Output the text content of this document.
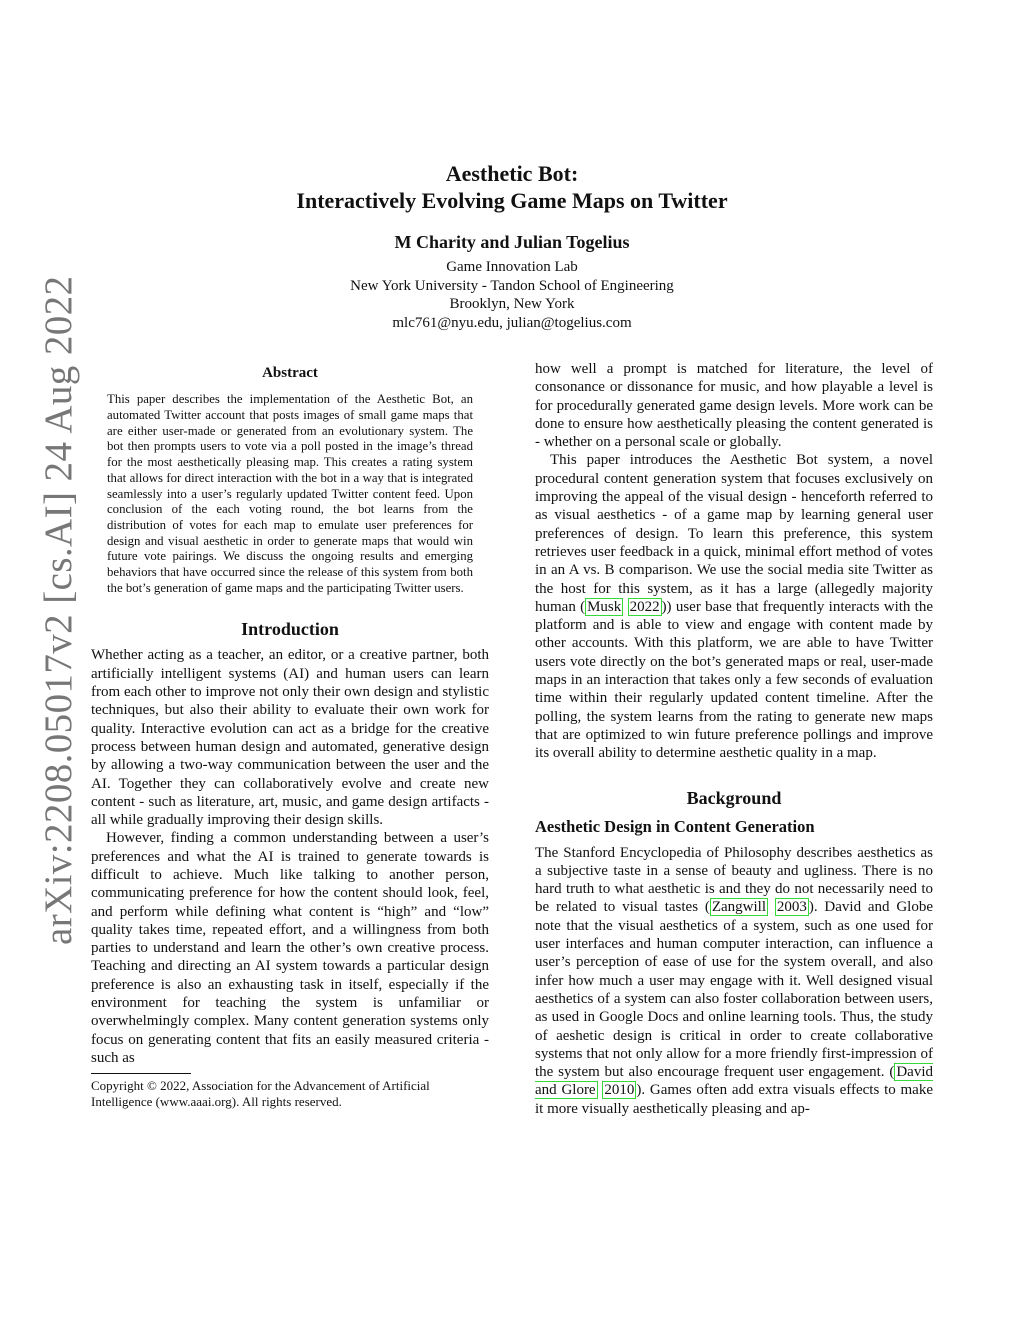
arXiv:2208.05017v2 [cs.AI] 24 Aug 2022
Aesthetic Bot:
Interactively Evolving Game Maps on Twitter
M Charity and Julian Togelius
Game Innovation Lab
New York University - Tandon School of Engineering
Brooklyn, New York
mlc761@nyu.edu, julian@togelius.com
Abstract

This paper describes the implementation of the Aesthetic Bot, an automated Twitter account that posts images of small game maps that are either user-made or generated from an evolutionary system. The bot then prompts users to vote via a poll posted in the image’s thread for the most aesthetically pleasing map. This creates a rating system that allows for direct interaction with the bot in a way that is integrated seamlessly into a user’s regularly updated Twitter content feed. Upon conclusion of the each voting round, the bot learns from the distribution of votes for each map to emulate user preferences for design and visual aesthetic in order to generate maps that would win future vote pairings. We discuss the ongoing results and emerging behaviors that have occurred since the release of this system from both the bot’s generation of game maps and the participating Twitter users.

Introduction

Whether acting as a teacher, an editor, or a creative partner, both artificially intelligent systems (AI) and human users can learn from each other to improve not only their own design and stylistic techniques, but also their ability to evaluate their own work for quality. Interactive evolution can act as a bridge for the creative process between human design and automated, generative design by allowing a two-way communication between the user and the AI. Together they can collaboratively evolve and create new content - such as literature, art, music, and game design artifacts - all while gradually improving their design skills.

However, finding a common understanding between a user’s preferences and what the AI is trained to generate towards is difficult to achieve. Much like talking to another person, communicating preference for how the content should look, feel, and perform while defining what content is “high” and “low” quality takes time, repeated effort, and a willingness from both parties to understand and learn the other’s own creative process. Teaching and directing an AI system towards a particular design preference is also an exhausting task in itself, especially if the environment for teaching the system is unfamiliar or overwhelmingly complex. Many content generation systems only focus on generating content that fits an easily measured criteria - such as

Copyright © 2022, Association for the Advancement of Artificial Intelligence (www.aaai.org). All rights reserved.

how well a prompt is matched for literature, the level of consonance or dissonance for music, and how playable a level is for procedurally generated game design levels. More work can be done to ensure how aesthetically pleasing the content generated is - whether on a personal scale or globally.

This paper introduces the Aesthetic Bot system, a novel procedural content generation system that focuses exclusively on improving the appeal of the visual design - henceforth referred to as visual aesthetics - of a game map by learning general user preferences of design. To learn this preference, this system retrieves user feedback in a quick, minimal effort method of votes in an A vs. B comparison. We use the social media site Twitter as the host for this system, as it has a large (allegedly majority human ( Musk 2022 )) user base that frequently interacts with the platform and is able to view and engage with content made by other accounts. With this platform, we are able to have Twitter users vote directly on the bot’s generated maps or real, user-made maps in an interaction that takes only a few seconds of evaluation time within their regularly updated content timeline. After the polling, the system learns from the rating to generate new maps that are optimized to win future preference pollings and improve its overall ability to determine aesthetic quality in a map.

Background
Aesthetic Design in Content Generation

The Stanford Encyclopedia of Philosophy describes aesthetics as a subjective taste in a sense of beauty and ugliness. There is no hard truth to what aesthetic is and they do not necessarily need to be related to visual tastes ( Zangwill 2003 ). David and Globe note that the visual aesthetics of a system, such as one used for user interfaces and human computer interaction, can influence a user’s perception of ease of use for the system overall, and also infer how much a user may engage with it. Well designed visual aesthetics of a system can also foster collaboration between users, as used in Google Docs and online learning tools. Thus, the study of aeshetic design is critical in order to create collaborative systems that not only allow for a more friendly first-impression of the system but also encourage frequent user engagement. ( David and Glore 2010 ). Games often add extra visuals effects to make it more visually aesthetically pleasing and ap-
